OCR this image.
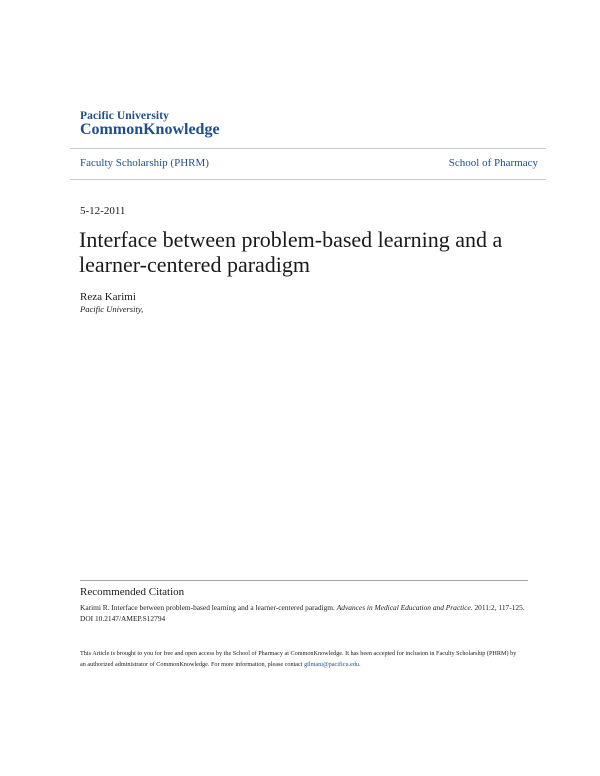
Pacific University
CommonKnowledge
Faculty Scholarship (PHRM)	School of Pharmacy
5-12-2011
Interface between problem-based learning and a learner-centered paradigm
Reza Karimi
Pacific University,
Recommended Citation

Karimi R. Interface between problem-based learning and a learner-centered paradigm. Advances in Medical Education and Practice. 2011:2, 117-125. DOI 10.2147/AMEP.S12794

This Article is brought to you for free and open access by the School of Pharmacy at CommonKnowledge. It has been accepted for inclusion in Faculty Scholarship (PHRM) by an authorized administrator of CommonKnowledge. For more information, please contact gilmani@pacificu.edu.
